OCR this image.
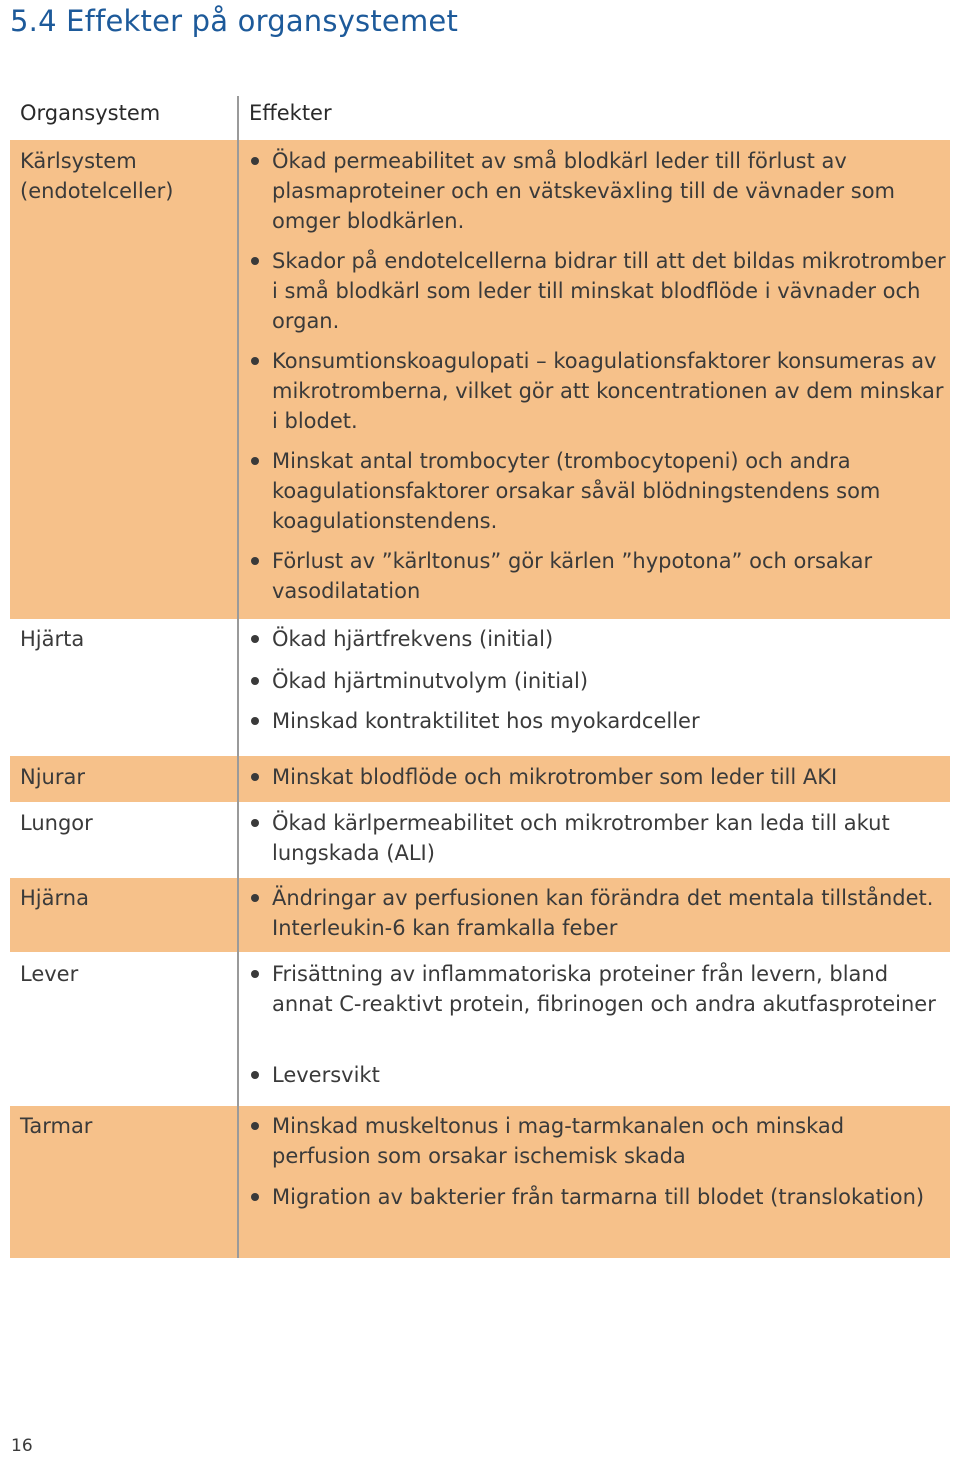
5.4 Effekter på organsystemet
Organsystem	Effekter
Kärlsystem (endotelceller)
Hjärta
Njurar
Lungor
Hjärna
Lever
Tarmar
Ökad permeabilitet av små blodkärl leder till förlust av plasmaproteiner och en vätskeväxling till de vävnader som omger blodkärlen.
Skador på endotelcellerna bidrar till att det bildas mikrotromber i små blodkärl som leder till minskat blodflöde i vävnader och organ.
Konsumtionskoagulopati – koagulationsfaktorer konsumeras av mikrotromberna, vilket gör att koncentrationen av dem minskar i blodet.
Minskat antal trombocyter (trombocytopeni) och andra koagulationsfaktorer orsakar såväl blödningstendens som koagulationstendens.
Förlust av ”kärltonus” gör kärlen ”hypotona” och orsakar vasodilatation
Ökad hjärtfrekvens (initial)
Ökad hjärtminutvolym (initial)
Minskad kontraktilitet hos myokardceller
Minskat blodflöde och mikrotromber som leder till AKI
Ökad kärlpermeabilitet och mikrotromber kan leda till akut lungskada (ALI)
Ändringar av perfusionen kan förändra det mentala tillståndet. Interleukin-6 kan framkalla feber
Frisättning av inflammatoriska proteiner från levern, bland annat C-reaktivt protein, fibrinogen och andra akutfasproteiner
Leversvikt
Minskad muskeltonus i mag-tarmkanalen och minskad perfusion som orsakar ischemisk skada
Migration av bakterier från tarmarna till blodet (translokation)
16
